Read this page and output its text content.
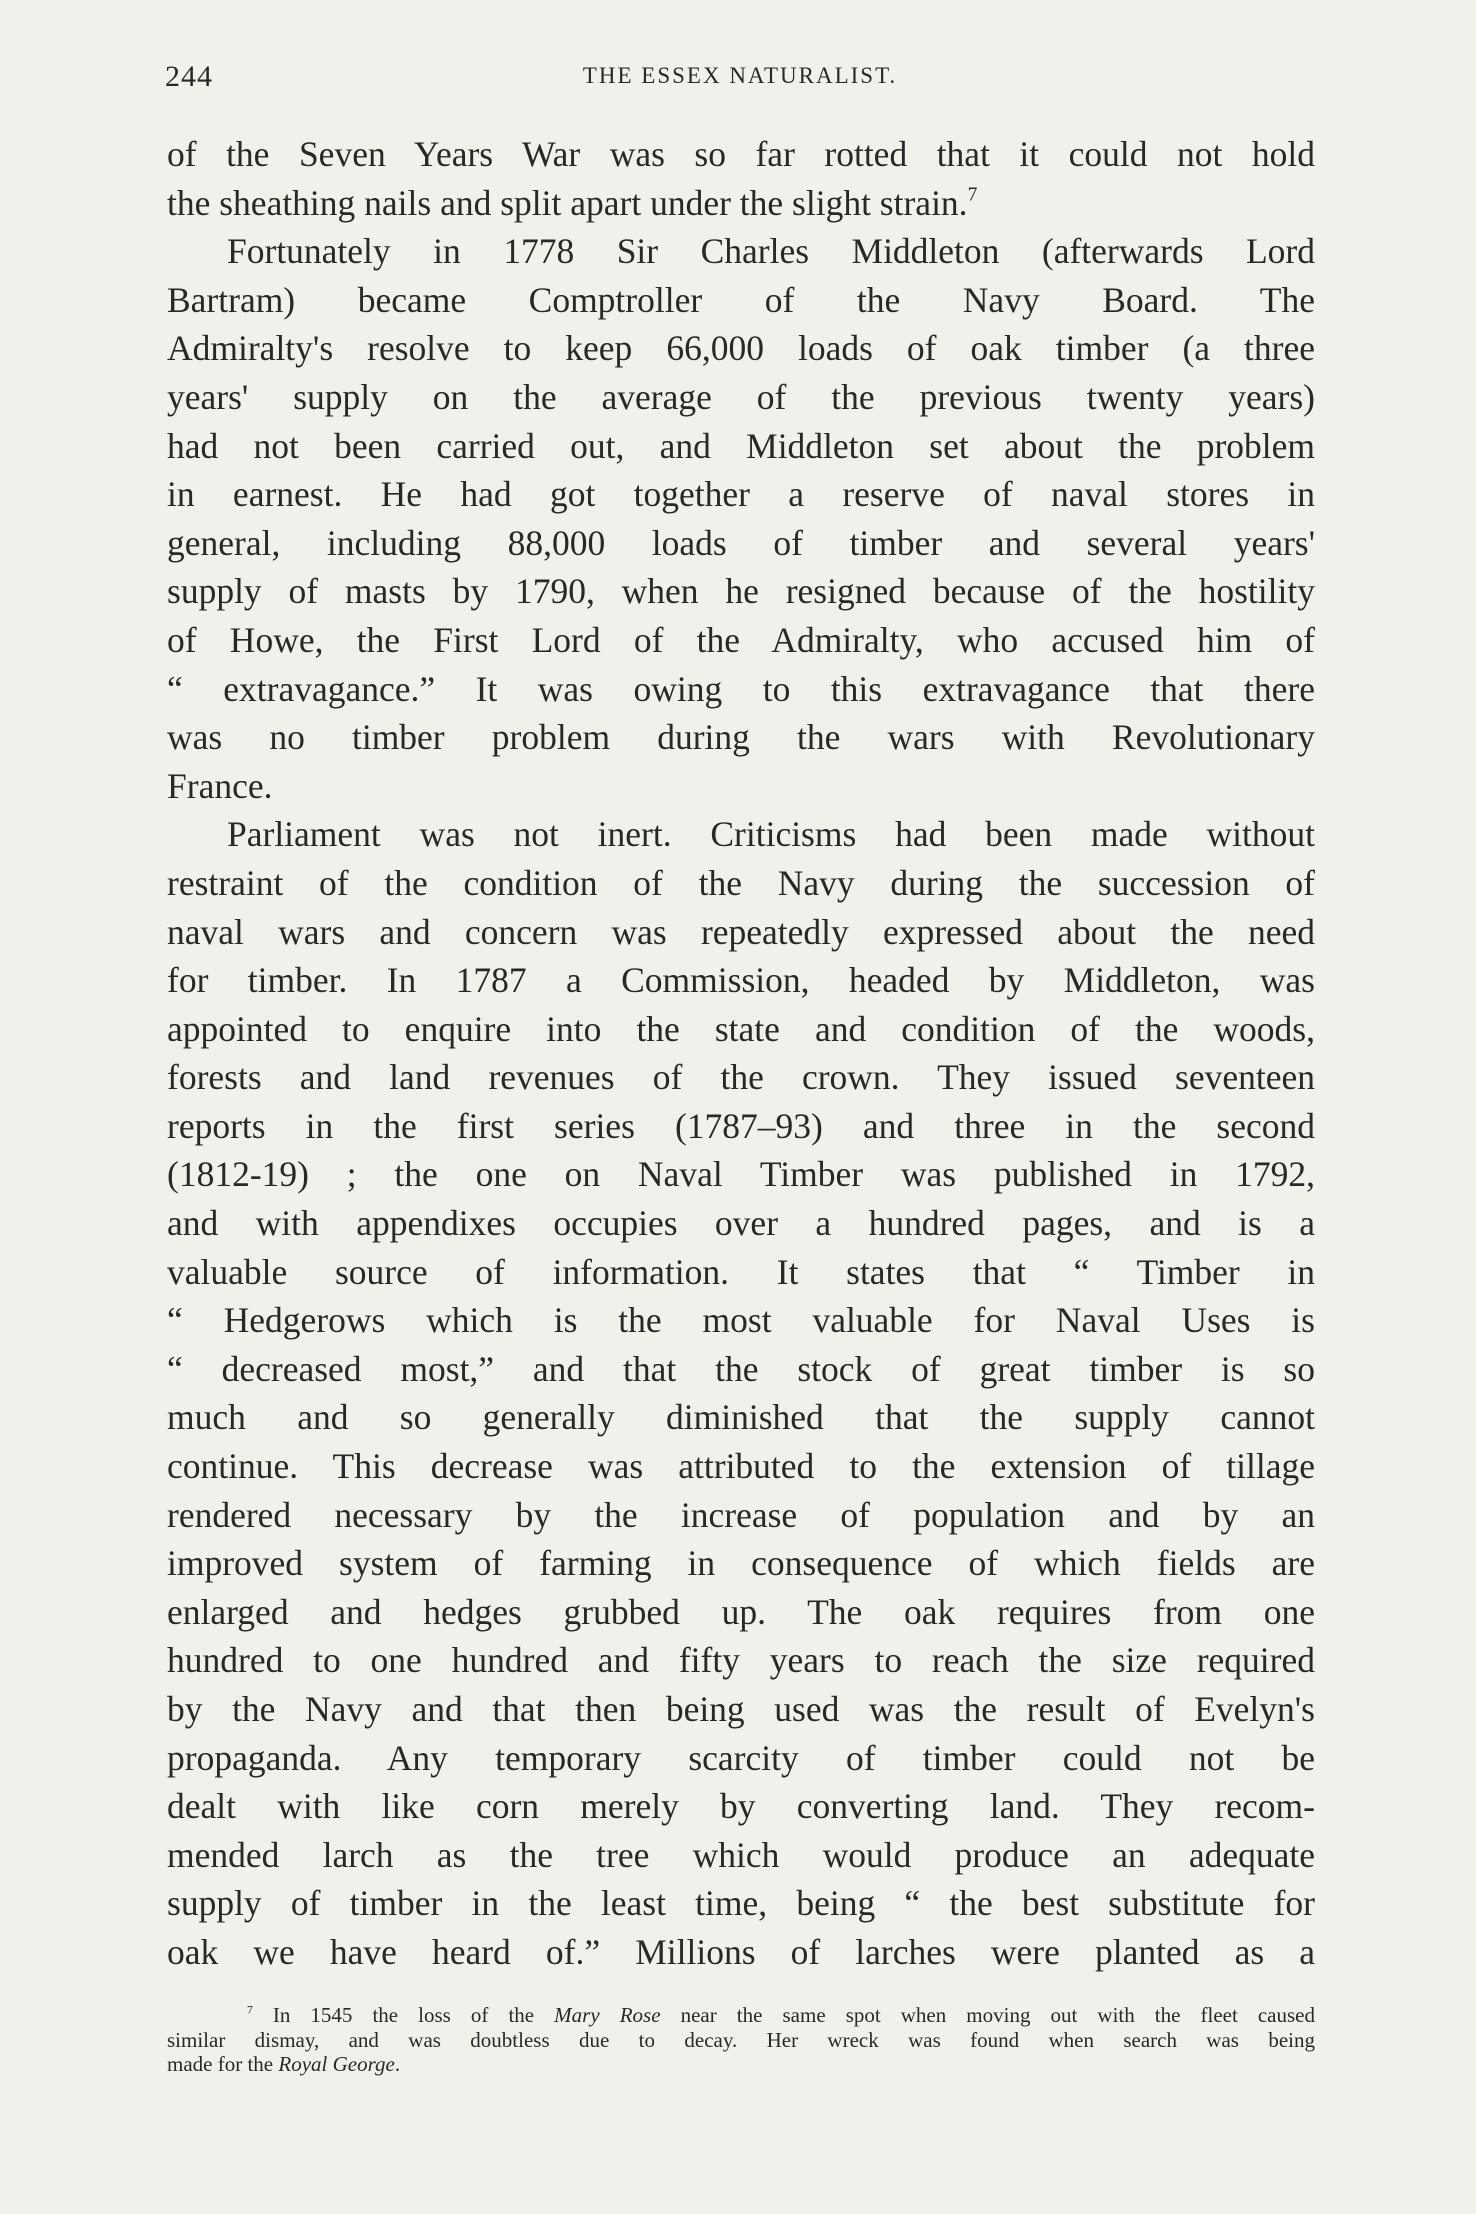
244	THE ESSEX NATURALIST.
of the Seven Years War was so far rotted that it could not hold
the sheathing nails and split apart under the slight strain.$^7$
Fortunately in 1778 Sir Charles Middleton (afterwards Lord
Bartram) became Comptroller of the Navy Board. The
Admiralty's resolve to keep 66,000 loads of oak timber (a three
years' supply on the average of the previous twenty years)
had not been carried out, and Middleton set about the problem
in earnest. He had got together a reserve of naval stores in
general, including 88,000 loads of timber and several years'
supply of masts by 1790, when he resigned because of the hostility
of Howe, the First Lord of the Admiralty, who accused him of
“ extravagance.” It was owing to this extravagance that there
was no timber problem during the wars with Revolutionary
France.
Parliament was not inert. Criticisms had been made without
restraint of the condition of the Navy during the succession of
naval wars and concern was repeatedly expressed about the need
for timber. In 1787 a Commission, headed by Middleton, was
appointed to enquire into the state and condition of the woods,
forests and land revenues of the crown. They issued seventeen
reports in the first series (1787–93) and three in the second
(1812-19) ; the one on Naval Timber was published in 1792,
and with appendixes occupies over a hundred pages, and is a
valuable source of information. It states that “ Timber in
“ Hedgerows which is the most valuable for Naval Uses is
“ decreased most,” and that the stock of great timber is so
much and so generally diminished that the supply cannot
continue. This decrease was attributed to the extension of tillage
rendered necessary by the increase of population and by an
improved system of farming in consequence of which fields are
enlarged and hedges grubbed up. The oak requires from one
hundred to one hundred and fifty years to reach the size required
by the Navy and that then being used was the result of Evelyn's
propaganda. Any temporary scarcity of timber could not be
dealt with like corn merely by converting land. They recom-
mended larch as the tree which would produce an adequate
supply of timber in the least time, being “ the best substitute for
oak we have heard of.” Millions of larches were planted as a
$^7$ In 1545 the loss of the Mary Rose near the same spot when moving out with the fleet caused
similar dismay, and was doubtless due to decay. Her wreck was found when search was being
made for the Royal George.
